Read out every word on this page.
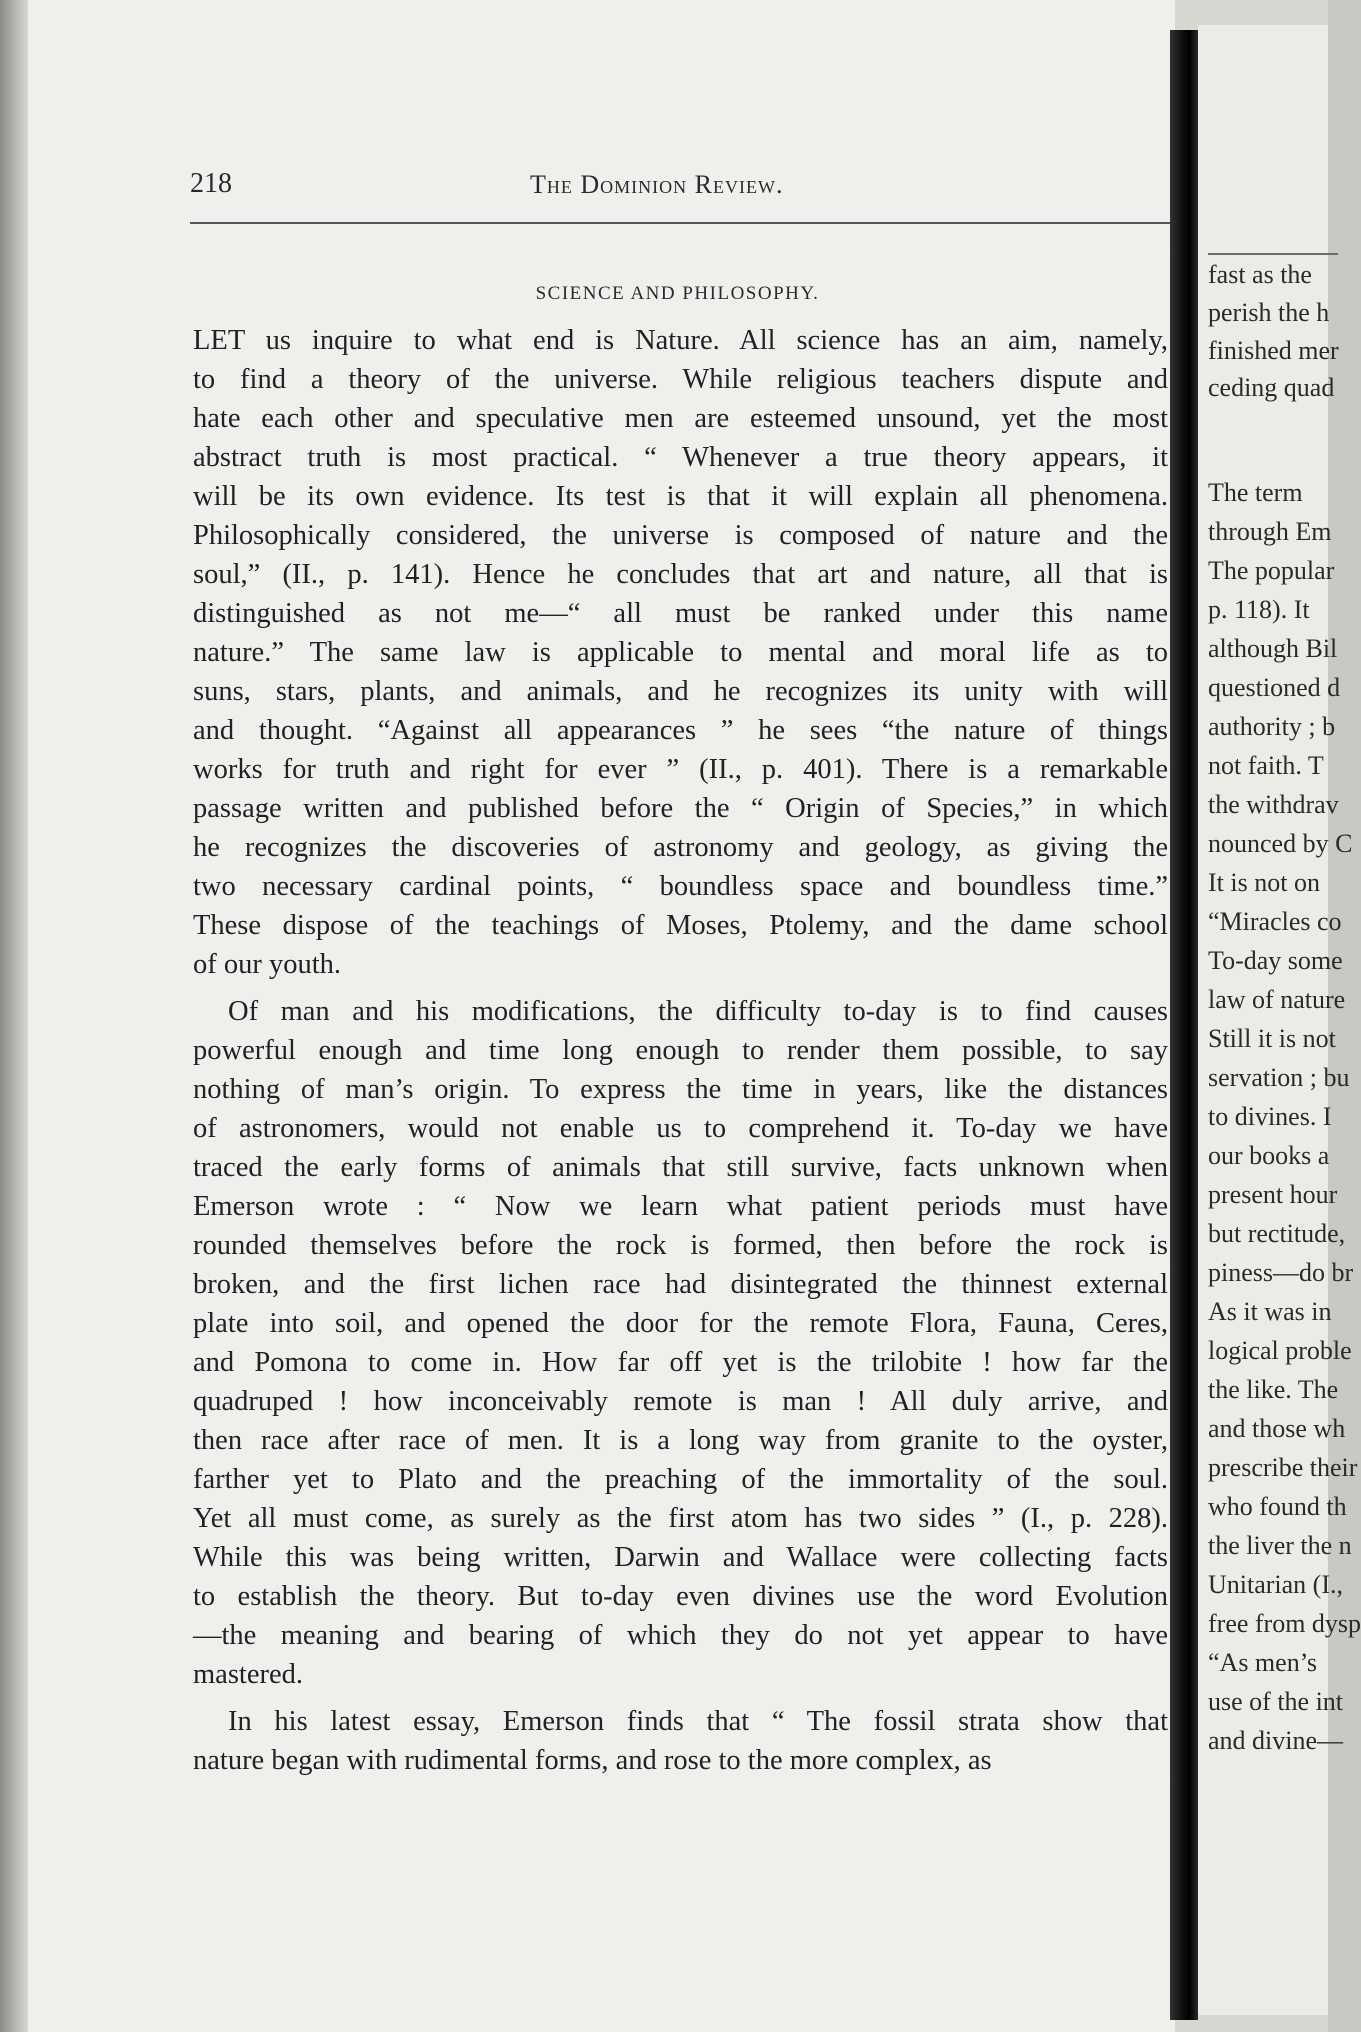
218	The Dominion Review.
SCIENCE AND PHILOSOPHY.
LET us inquire to what end is Nature. All science has an aim, namely,
to find a theory of the universe. While religious teachers dispute and
hate each other and speculative men are esteemed unsound, yet the most
abstract truth is most practical. “ Whenever a true theory appears, it
will be its own evidence. Its test is that it will explain all phenomena.
Philosophically considered, the universe is composed of nature and the
soul,” (II., p. 141). Hence he concludes that art and nature, all that is
distinguished as not me—“ all must be ranked under this name
nature.” The same law is applicable to mental and moral life as to
suns, stars, plants, and animals, and he recognizes its unity with will
and thought. “Against all appearances ” he sees “the nature of things
works for truth and right for ever ” (II., p. 401). There is a remarkable
passage written and published before the “ Origin of Species,” in which
he recognizes the discoveries of astronomy and geology, as giving the
two necessary cardinal points, “ boundless space and boundless time.”
These dispose of the teachings of Moses, Ptolemy, and the dame school
of our youth.
Of man and his modifications, the difficulty to-day is to find causes
powerful enough and time long enough to render them possible, to say
nothing of man’s origin. To express the time in years, like the distances
of astronomers, would not enable us to comprehend it. To-day we have
traced the early forms of animals that still survive, facts unknown when
Emerson wrote : “ Now we learn what patient periods must have
rounded themselves before the rock is formed, then before the rock is
broken, and the first lichen race had disintegrated the thinnest external
plate into soil, and opened the door for the remote Flora, Fauna, Ceres,
and Pomona to come in. How far off yet is the trilobite ! how far the
quadruped ! how inconceivably remote is man ! All duly arrive, and
then race after race of men. It is a long way from granite to the oyster,
farther yet to Plato and the preaching of the immortality of the soul.
Yet all must come, as surely as the first atom has two sides ” (I., p. 228).
While this was being written, Darwin and Wallace were collecting facts
to establish the theory. But to-day even divines use the word Evolution
—the meaning and bearing of which they do not yet appear to have
mastered.
In his latest essay, Emerson finds that “ The fossil strata show that
nature began with rudimental forms, and rose to the more complex, as
fast as the
perish the h
finished mer
ceding quad
The term
through Em
The popular
p. 118). It
although Bil
questioned d
authority ; b
not faith. T
the withdrav
nounced by C
It is not on
“Miracles co
To-day some
law of nature
Still it is not
servation ; bu
to divines. I
our books a
present hour
but rectitude,
piness—do br
As it was in
logical proble
the like. The
and those wh
prescribe their
who found th
the liver the n
Unitarian (I.,
free from dysp
“As men’s
use of the int
and divine—
